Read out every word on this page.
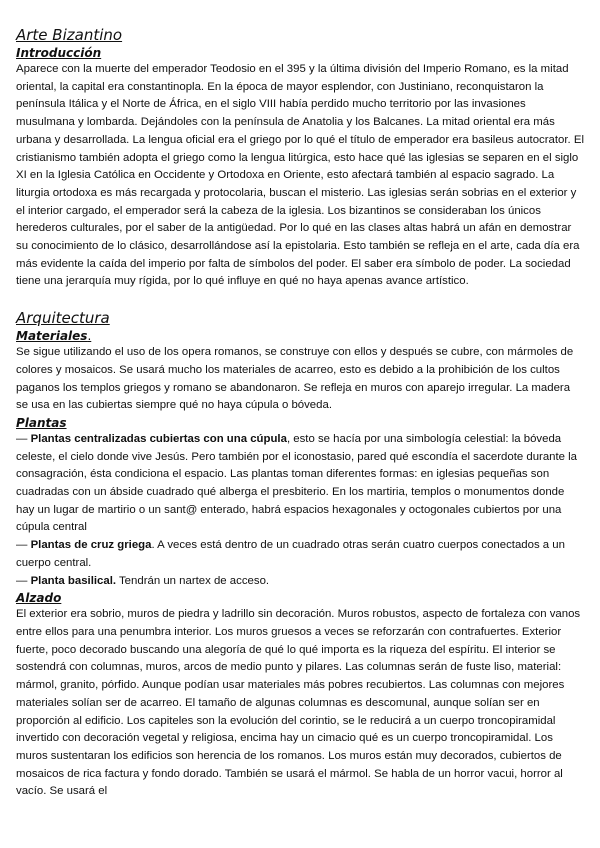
Arte Bizantino
Introducción

Aparece con la muerte del emperador Teodosio en el 395 y la última división del Imperio Romano, es la mitad oriental, la capital era constantinopla. En la época de mayor esplendor, con Justiniano, reconquistaron la península Itálica y el Norte de África, en el siglo VIII había perdido mucho territorio por las invasiones musulmana y lombarda. Dejándoles con la península de Anatolia y los Balcanes. La mitad oriental era más urbana y desarrollada. La lengua oficial era el griego por lo qué el título de emperador era basileus autocrator. El cristianismo también adopta el griego como la lengua litúrgica, esto hace qué las iglesias se separen en el siglo XI en la Iglesia Católica en Occidente y Ortodoxa en Oriente, esto afectará también al espacio sagrado. La liturgia ortodoxa es más recargada y protocolaria, buscan el misterio. Las iglesias serán sobrias en el exterior y el interior cargado, el emperador será la cabeza de la iglesia. Los bizantinos se consideraban los únicos herederos culturales, por el saber de la antigüedad. Por lo qué en las clases altas habrá un afán en demostrar su conocimiento de lo clásico, desarrollándose así la epistolaria. Esto también se refleja en el arte, cada día era más evidente la caída del imperio por falta de símbolos del poder. El saber era símbolo de poder. La sociedad tiene una jerarquía muy rígida, por lo qué influye en qué no haya apenas avance artístico.

Arquitectura
Materiales.

Se sigue utilizando el uso de los opera romanos, se construye con ellos y después se cubre, con mármoles de colores y mosaicos. Se usará mucho los materiales de acarreo, esto es debido a la prohibición de los cultos paganos los templos griegos y romano se abandonaron. Se refleja en muros con aparejo irregular. La madera se usa en las cubiertas siempre qué no haya cúpula o bóveda.

Plantas

— Plantas centralizadas cubiertas con una cúpula, esto se hacía por una simbología celestial: la bóveda celeste, el cielo donde vive Jesús. Pero también por el iconostasio, pared qué escondía el sacerdote durante la consagración, ésta condiciona el espacio. Las plantas toman diferentes formas: en iglesias pequeñas son cuadradas con un ábside cuadrado qué alberga el presbiterio. En los martiria, templos o monumentos donde hay un lugar de martirio o un sant@ enterado, habrá espacios hexagonales y octogonales cubiertos por una cúpula central

— Plantas de cruz griega. A veces está dentro de un cuadrado otras serán cuatro cuerpos conectados a un cuerpo central.

— Planta basilical. Tendrán un nartex de acceso.

Alzado

El exterior era sobrio, muros de piedra y ladrillo sin decoración. Muros robustos, aspecto de fortaleza con vanos entre ellos para una penumbra interior. Los muros gruesos a veces se reforzarán con contrafuertes. Exterior fuerte, poco decorado buscando una alegoría de qué lo qué importa es la riqueza del espíritu. El interior se sostendrá con columnas, muros, arcos de medio punto y pilares. Las columnas serán de fuste liso, material: mármol, granito, pórfido. Aunque podían usar materiales más pobres recubiertos. Las columnas con mejores materiales solían ser de acarreo. El tamaño de algunas columnas es descomunal, aunque solían ser en proporción al edificio. Los capiteles son la evolución del corintio, se le reducirá a un cuerpo troncopiramidal invertido con decoración vegetal y religiosa, encima hay un cimacio qué es un cuerpo troncopiramidal. Los muros sustentaran los edificios son herencia de los romanos. Los muros están muy decorados, cubiertos de mosaicos de rica factura y fondo dorado. También se usará el mármol. Se habla de un horror vacui, horror al vacío. Se usará el
